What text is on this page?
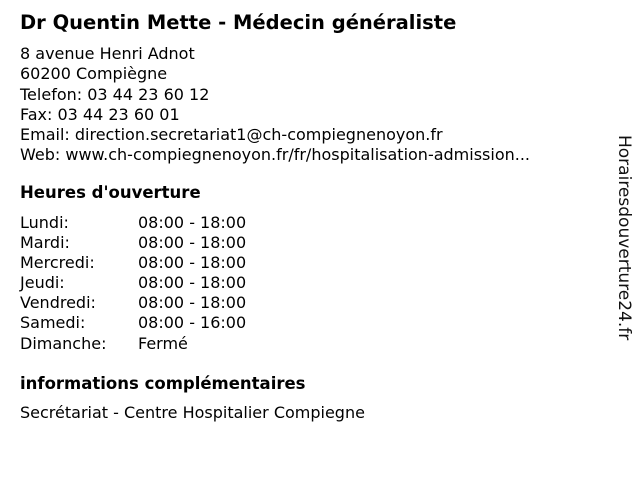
Dr Quentin Mette - Médecin généraliste
8 avenue Henri Adnot
60200 Compiègne
Telefon: 03 44 23 60 12
Fax: 03 44 23 60 01
Email: direction.secretariat1@ch-compiegnenoyon.fr
Web: www.ch-compiegnenoyon.fr/fr/hospitalisation-admission...
Heures d'ouverture
Lundi:	08:00 - 18:00
Mardi:	08:00 - 18:00
Mercredi:	08:00 - 18:00
Jeudi:	08:00 - 18:00
Vendredi:	08:00 - 18:00
Samedi:	08:00 - 16:00
Dimanche: Fermé
informations complémentaires
Secrétariat - Centre Hospitalier Compiegne
Horairesdouverture24.fr
